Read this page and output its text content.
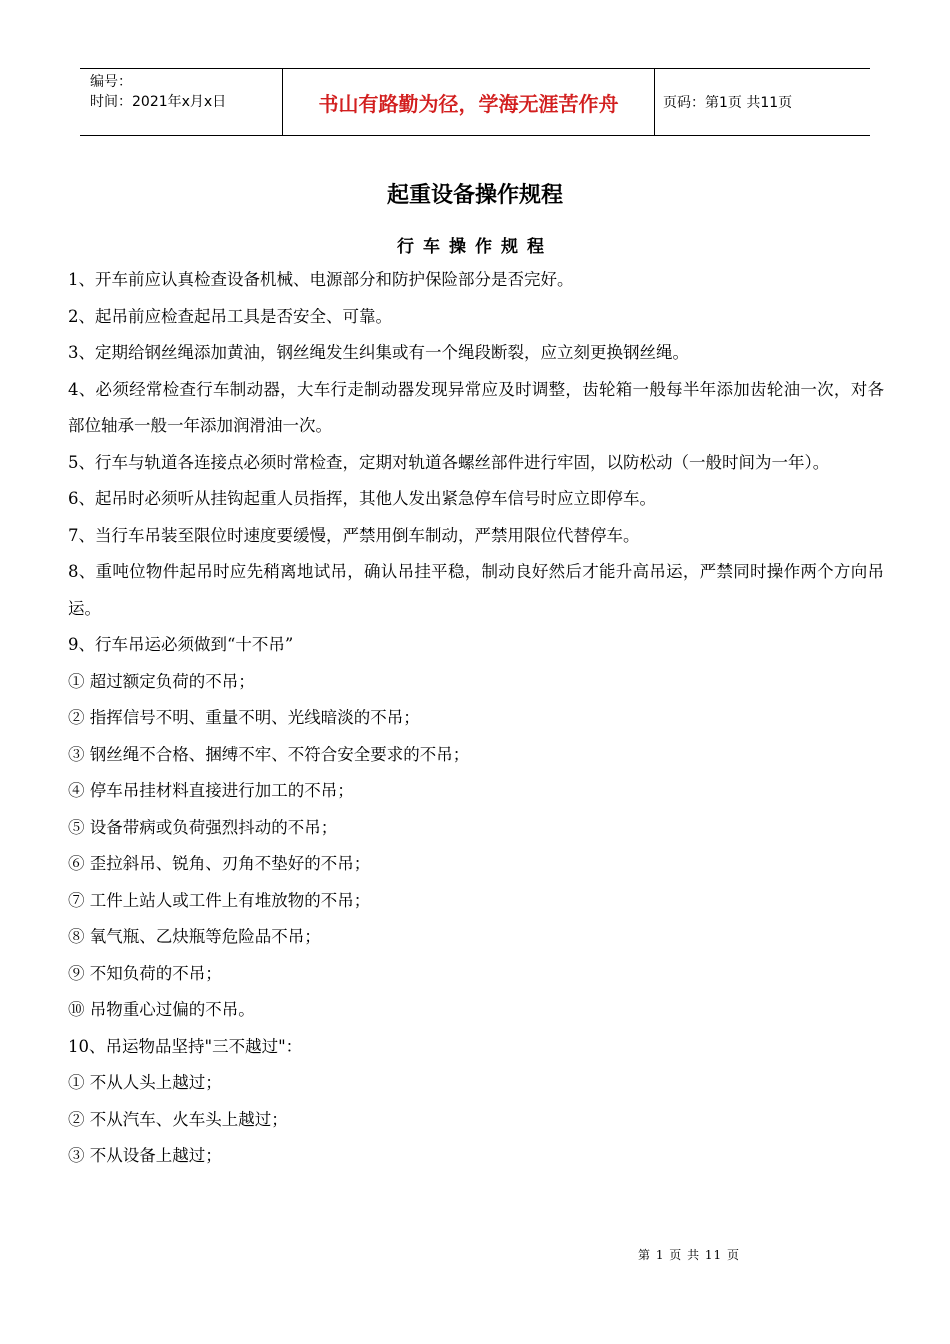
编号：
时间：2021年x月x日	书山有路勤为径，学海无涯苦作舟	页码：第1页 共11页
起重设备操作规程
行车操作规程

1、开车前应认真检查设备机械、电源部分和防护保险部分是否完好。

2、起吊前应检查起吊工具是否安全、可靠。

3、定期给钢丝绳添加黄油，钢丝绳发生纠集或有一个绳段断裂，应立刻更换钢丝绳。

4、必须经常检查行车制动器，大车行走制动器发现异常应及时调整，齿轮箱一般每半年添加齿轮油一次，对各部位轴承一般一年添加润滑油一次。

5、行车与轨道各连接点必须时常检查，定期对轨道各螺丝部件进行牢固，以防松动（一般时间为一年）。

6、起吊时必须听从挂钩起重人员指挥，其他人发出紧急停车信号时应立即停车。

7、当行车吊装至限位时速度要缓慢，严禁用倒车制动，严禁用限位代替停车。

8、重吨位物件起吊时应先稍离地试吊，确认吊挂平稳，制动良好然后才能升高吊运，严禁同时操作两个方向吊运。

9、行车吊运必须做到“十不吊”

① 超过额定负荷的不吊；

② 指挥信号不明、重量不明、光线暗淡的不吊；

③ 钢丝绳不合格、捆缚不牢、不符合安全要求的不吊；

④ 停车吊挂材料直接进行加工的不吊；

⑤ 设备带病或负荷强烈抖动的不吊；

⑥ 歪拉斜吊、锐角、刃角不垫好的不吊；

⑦ 工件上站人或工件上有堆放物的不吊；

⑧ 氧气瓶、乙炔瓶等危险品不吊；

⑨ 不知负荷的不吊；

⑩ 吊物重心过偏的不吊。

10、吊运物品坚持"三不越过"：

① 不从人头上越过；

② 不从汽车、火车头上越过；

③ 不从设备上越过；

第 1 页 共 11 页
